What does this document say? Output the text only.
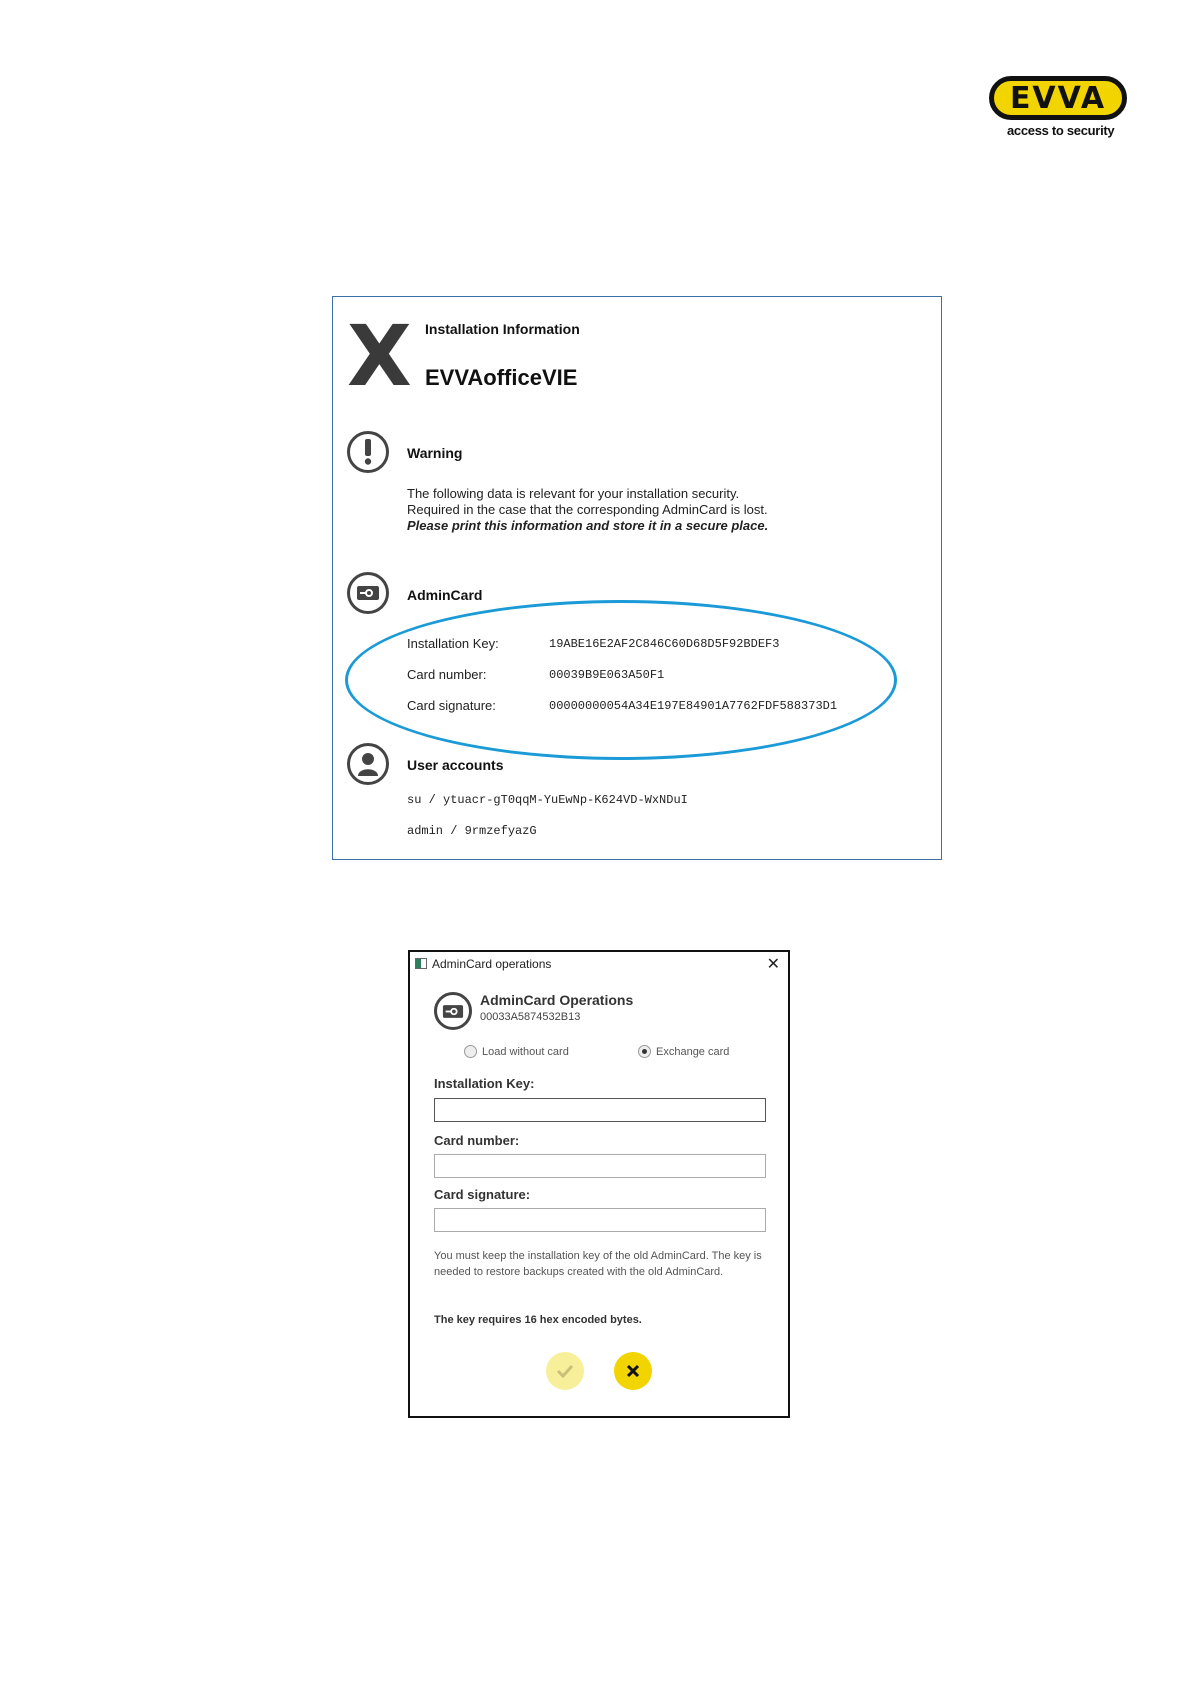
EVVA
access to security
X Installation Information
EVVAofficeVIE
Warning
The following data is relevant for your installation security.
Required in the case that the corresponding AdminCard is lost.
Please print this information and store it in a secure place.
AdminCard
Installation Key:	19ABE16E2AF2C846C60D68D5F92BDEF3
Card number:	00039B9E063A50F1
Card signature:	00000000054A34E197E84901A7762FDF588373D1
User accounts
su / ytuacr-gT0qqM-YuEwNp-K624VD-WxNDuI
admin / 9rmzefyazG
AdminCard operations	✕
AdminCard Operations
00033A5874532B13
Load without card	Exchange card
Installation Key:
Card number:
Card signature:
You must keep the installation key of the old AdminCard. The key is needed to restore backups created with the old AdminCard.
The key requires 16 hex encoded bytes.
